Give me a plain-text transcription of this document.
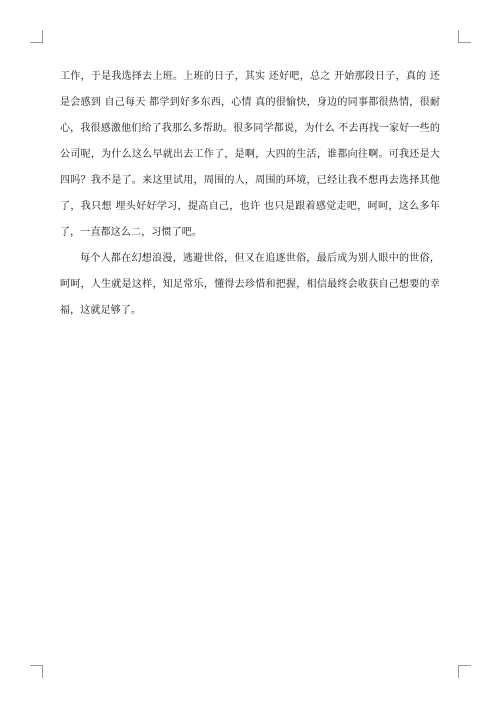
工作，于是我选择去上班。上班的日子，其实 还好吧，总之 开始那段日子，真的 还是会感到 自己每天 都学到好多东西，心情 真的很愉快，身边的同事都很热情，很耐心，我很感激他们给了我那么多帮助。很多同学都说，为什么 不去再找一家好一些的公司呢，为什么这么早就出去工作了，是啊，大四的生活，谁都向往啊。可我还是大四吗？我不是了。来这里试用，周围的人，周围的环境，已经让我不想再去选择其他了，我只想 埋头好好学习，提高自己，也许 也只是跟着感觉走吧，呵呵，这么多年了，一直都这么二，习惯了吧。

每个人都在幻想浪漫，逃避世俗，但又在追逐世俗，最后成为别人眼中的世俗，呵呵，人生就是这样，知足常乐，懂得去珍惜和把握，相信最终会收获自己想要的幸福，这就足够了。
